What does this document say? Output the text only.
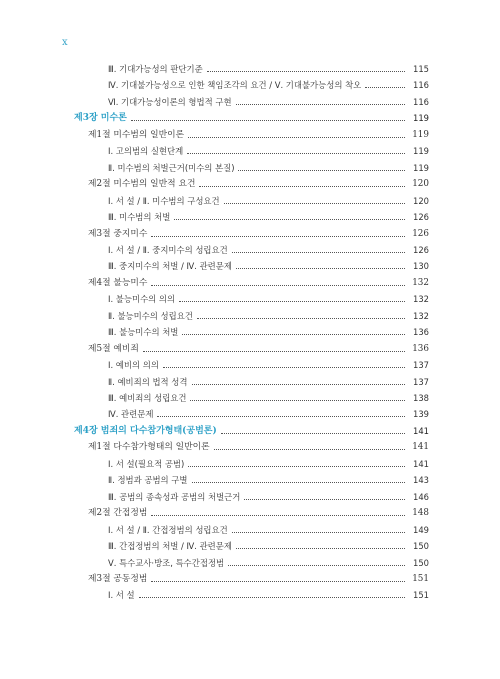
x
Ⅲ. 기대가능성의 판단기준	115
Ⅳ. 기대불가능성으로 인한 책임조각의 요건 / Ⅴ. 기대불가능성의 착오	116
Ⅵ. 기대가능성이론의 형법적 구현	116
제3장 미수론	119
제1절 미수범의 일반이론	119
Ⅰ. 고의범의 실현단계	119
Ⅱ. 미수범의 처벌근거(미수의 본질)	119
제2절 미수범의 일반적 요건	120
Ⅰ. 서 설 / Ⅱ. 미수범의 구성요건	120
Ⅲ. 미수범의 처벌	126
제3절 중지미수	126
Ⅰ. 서 설 / Ⅱ. 중지미수의 성립요건	126
Ⅲ. 중지미수의 처벌 / Ⅳ. 관련문제	130
제4절 불능미수	132
Ⅰ. 불능미수의 의의	132
Ⅱ. 불능미수의 성립요건	132
Ⅲ. 불능미수의 처벌	136
제5절 예비죄	136
Ⅰ. 예비의 의의	137
Ⅱ. 예비죄의 법적 성격	137
Ⅲ. 예비죄의 성립요건	138
Ⅳ. 관련문제	139
제4장 범죄의 다수참가형태(공범론)	141
제1절 다수참가형태의 일반이론	141
Ⅰ. 서 설(필요적 공범)	141
Ⅱ. 정범과 공범의 구별	143
Ⅲ. 공범의 종속성과 공범의 처벌근거	146
제2절 간접정범	148
Ⅰ. 서 설 / Ⅱ. 간접정범의 성립요건	149
Ⅲ. 간접정범의 처벌 / Ⅳ. 관련문제	150
Ⅴ. 특수교사·방조, 특수간접정범	150
제3절 공동정범	151
Ⅰ. 서 설	151
